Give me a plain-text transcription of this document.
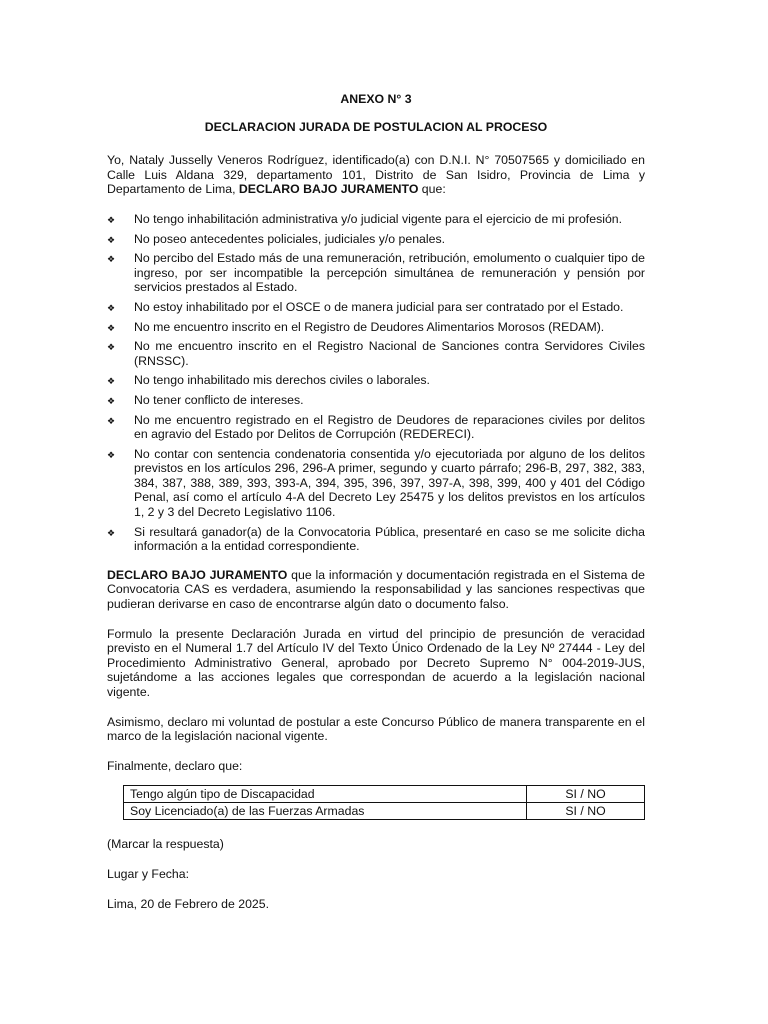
ANEXO N° 3
DECLARACION JURADA DE POSTULACION AL PROCESO

Yo, Nataly Jusselly Veneros Rodríguez, identificado(a) con D.N.I. N° 70507565 y domiciliado en Calle Luis Aldana 329, departamento 101, Distrito de San Isidro, Provincia de Lima y Departamento de Lima, DECLARO BAJO JURAMENTO que:

❖ No tengo inhabilitación administrativa y/o judicial vigente para el ejercicio de mi profesión.
❖ No poseo antecedentes policiales, judiciales y/o penales.
❖ No percibo del Estado más de una remuneración, retribución, emolumento o cualquier tipo de ingreso, por ser incompatible la percepción simultánea de remuneración y pensión por servicios prestados al Estado.
❖ No estoy inhabilitado por el OSCE o de manera judicial para ser contratado por el Estado.
❖ No me encuentro inscrito en el Registro de Deudores Alimentarios Morosos (REDAM).
❖ No me encuentro inscrito en el Registro Nacional de Sanciones contra Servidores Civiles (RNSSC).
❖ No tengo inhabilitado mis derechos civiles o laborales.
❖ No tener conflicto de intereses.
❖ No me encuentro registrado en el Registro de Deudores de reparaciones civiles por delitos en agravio del Estado por Delitos de Corrupción (REDERECI).
❖ No contar con sentencia condenatoria consentida y/o ejecutoriada por alguno de los delitos previstos en los artículos 296, 296-A primer, segundo y cuarto párrafo; 296-B, 297, 382, 383, 384, 387, 388, 389, 393, 393-A, 394, 395, 396, 397, 397-A, 398, 399, 400 y 401 del Código Penal, así como el artículo 4-A del Decreto Ley 25475 y los delitos previstos en los artículos 1, 2 y 3 del Decreto Legislativo 1106.
❖ Si resultará ganador(a) de la Convocatoria Pública, presentaré en caso se me solicite dicha información a la entidad correspondiente.

DECLARO BAJO JURAMENTO que la información y documentación registrada en el Sistema de Convocatoria CAS es verdadera, asumiendo la responsabilidad y las sanciones respectivas que pudieran derivarse en caso de encontrarse algún dato o documento falso.

Formulo la presente Declaración Jurada en virtud del principio de presunción de veracidad previsto en el Numeral 1.7 del Artículo IV del Texto Único Ordenado de la Ley Nº 27444 - Ley del Procedimiento Administrativo General, aprobado por Decreto Supremo N° 004-2019-JUS, sujetándome a las acciones legales que correspondan de acuerdo a la legislación nacional vigente.

Asimismo, declaro mi voluntad de postular a este Concurso Público de manera transparente en el marco de la legislación nacional vigente.

Finalmente, declaro que:
Tengo algún tipo de Discapacidad	SI / NO
Soy Licenciado(a) de las Fuerzas Armadas	SI / NO
(Marcar la respuesta)
Lugar y Fecha:
Lima, 20 de Febrero de 2025.
